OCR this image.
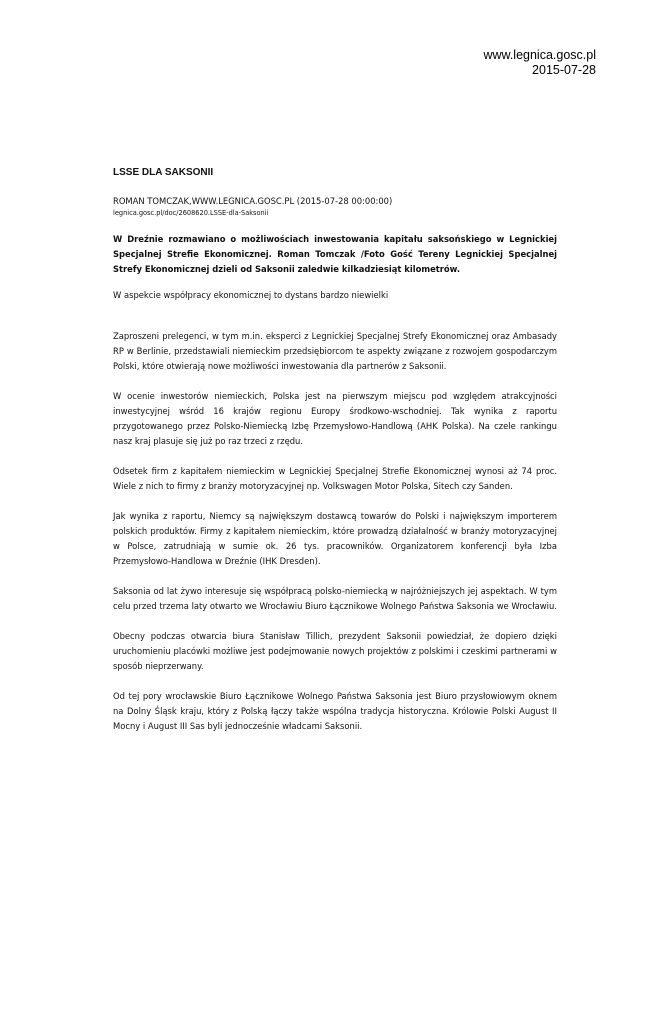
www.legnica.gosc.pl
2015-07-28
LSSE DLA SAKSONII
ROMAN TOMCZAK,WWW.LEGNICA.GOSC.PL (2015-07-28 00:00:00)
legnica.gosc.pl/doc/2608620.LSSE-dla-Saksonii
W Dreźnie rozmawiano o możliwościach inwestowania kapitału saksońskiego w Legnickiej Specjalnej Strefie Ekonomicznej. Roman Tomczak /Foto Gość Tereny Legnickiej Specjalnej Strefy Ekonomicznej dzieli od Saksonii zaledwie kilkadziesiąt kilometrów.
W aspekcie współpracy ekonomicznej to dystans bardzo niewielki
Zaproszeni prelegenci, w tym m.in. eksperci z Legnickiej Specjalnej Strefy Ekonomicznej oraz Ambasady RP w Berlinie, przedstawiali niemieckim przedsiębiorcom te aspekty związane z rozwojem gospodarczym Polski, które otwierają nowe możliwości inwestowania dla partnerów z Saksonii.
W ocenie inwestorów niemieckich, Polska jest na pierwszym miejscu pod względem atrakcyjności inwestycyjnej wśród 16 krajów regionu Europy środkowo-wschodniej. Tak wynika z raportu przygotowanego przez Polsko-Niemiecką Izbę Przemysłowo-Handlową (AHK Polska). Na czele rankingu nasz kraj plasuje się już po raz trzeci z rzędu.
Odsetek firm z kapitałem niemieckim w Legnickiej Specjalnej Strefie Ekonomicznej wynosi aż 74 proc. Wiele z nich to firmy z branży motoryzacyjnej np. Volkswagen Motor Polska, Sitech czy Sanden.
Jak wynika z raportu, Niemcy są największym dostawcą towarów do Polski i największym importerem polskich produktów. Firmy z kapitałem niemieckim, które prowadzą działalność w branży motoryzacyjnej w Polsce, zatrudniają w sumie ok. 26 tys. pracowników. Organizatorem konferencji była Izba Przemysłowo-Handlowa w Dreźnie (IHK Dresden).
Saksonia od lat żywo interesuje się współpracą polsko-niemiecką w najróżniejszych jej aspektach. W tym celu przed trzema laty otwarto we Wrocławiu Biuro Łącznikowe Wolnego Państwa Saksonia we Wrocławiu.
Obecny podczas otwarcia biura Stanisław Tillich, prezydent Saksonii powiedział, że dopiero dzięki uruchomieniu placówki możliwe jest podejmowanie nowych projektów z polskimi i czeskimi partnerami w sposób nieprzerwany.
Od tej pory wrocławskie Biuro Łącznikowe Wolnego Państwa Saksonia jest Biuro przysłowiowym oknem na Dolny Śląsk kraju, który z Polską łączy także wspólna tradycja historyczna. Królowie Polski August II Mocny i August III Sas byli jednocześnie władcami Saksonii.
